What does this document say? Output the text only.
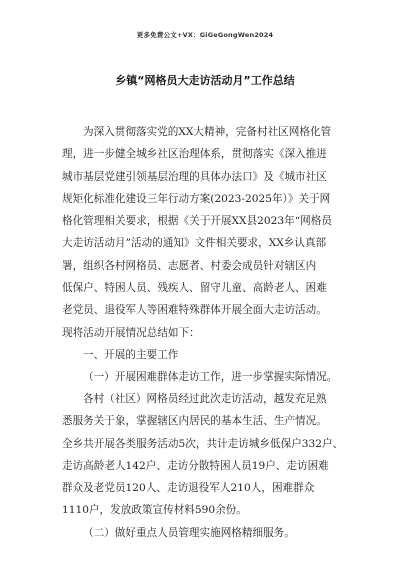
更多免费公文+VX：GiGeGongWen2024
乡镇“网格员大走访活动月”工作总结
为深入贯彻落实党的XX大精神，完备村社区网格化管
理，进一步健全城乡社区治理体系，贯彻落实《深入推进
城市基层党建引领基层治理的具体办法口》及《城市社区
规矩化标准化建设三年行动方案(2023-2025年）》关于网
格化管理相关要求，根据《关于开展XX县2023年“网格员
大走访活动月”活动的通知》文件相关要求，XX乡认真部
署，组织各村网格员、志愿者、村委会成员针对辖区内
低保户、特困人员、残疾人、留守儿童、高龄老人、困难
老党员、退役军人等困难特殊群体开展全面大走访活动。
现将活动开展情况总结如下：
一、开展的主要工作
（一）开展困难群体走访工作，进一步掌握实际情况。
各村（社区）网格员经过此次走访活动，越发充足熟
悉服务关于象，掌握辖区内居民的基本生活、生产情况。
全乡共开展各类服务活动5次，共计走访城乡低保户332户、
走访高龄老人142户、走访分散特困人员19户、走访困难
群众及老党员120人、走访退役军人210人，困难群众
1110户，发放政策宣传材料590余份。
（二）做好重点人员管理实施网格精细服务。
